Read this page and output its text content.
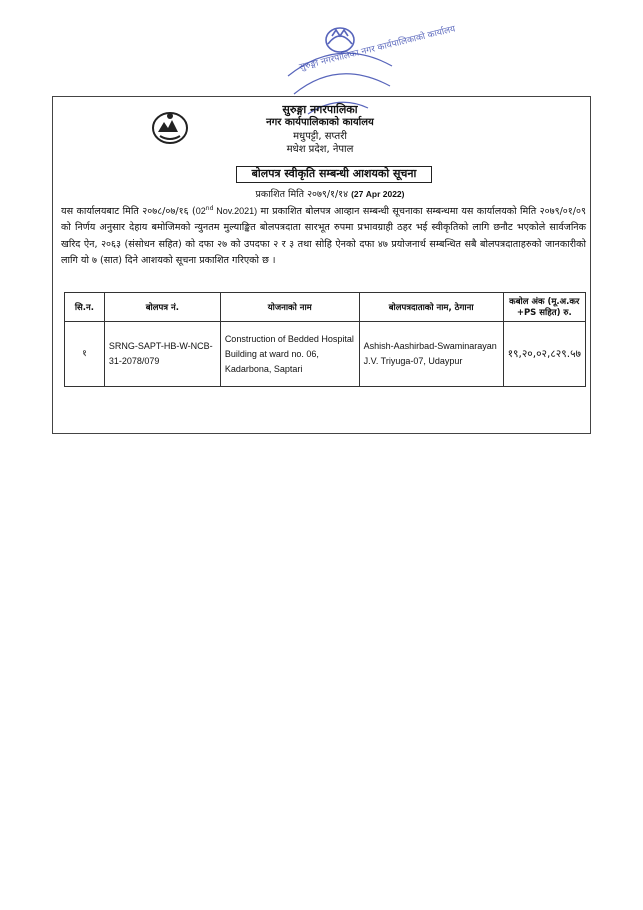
सुरुङ्गा नगरपालिका नगर कार्यपालिकाको कार्यालय
सुरुङ्गा नगरपालिका
नगर कार्यपालिकाको कार्यालय
मधुपट्टी, सप्तरी
मधेश प्रदेश, नेपाल
बोलपत्र स्वीकृति सम्बन्धी आशयको सूचना
प्रकाशित मिति २०७९/१/१४ (27 Apr 2022)

यस कार्यालयबाट मिति २०७८/०७/१६ (02nd Nov.2021) मा प्रकाशित बोलपत्र आव्हान सम्बन्धी सूचनाका सम्बन्धमा यस कार्यालयको मिति २०७९/०१/०९ को निर्णय अनुसार देहाय बमोजिमको न्युनतम मुल्याङ्कित बोलपत्रदाता सारभूत रुपमा प्रभावग्राही ठहर भई स्वीकृतिको लागि छनौट भएकोले सार्वजनिक खरिद ऐन, २०६३ (संसोधन सहित) को दफा २७ को उपदफा २ र ३ तथा सोहि ऐनको दफा ४७ प्रयोजनार्थ सम्बन्धित सबै बोलपत्रदाताहरुको जानकारीको लागि यो ७ (सात) दिने आशयको सूचना प्रकाशित गरिएको छ ।

सि.न.	बोलपत्र नं.	योजनाको नाम	बोलपत्रदाताको नाम, ठेगाना	कबोल अंक (मू.अ.कर +PS सहित) रु.
१	SRNG-SAPT-HB-W-NCB-31-2078/079	Construction of Bedded Hospital Building at ward no. 06, Kadarbona, Saptari	Ashish-Aashirbad-Swaminarayan J.V. Triyuga-07, Udaypur	१९,२०,०२,८२९.५७
